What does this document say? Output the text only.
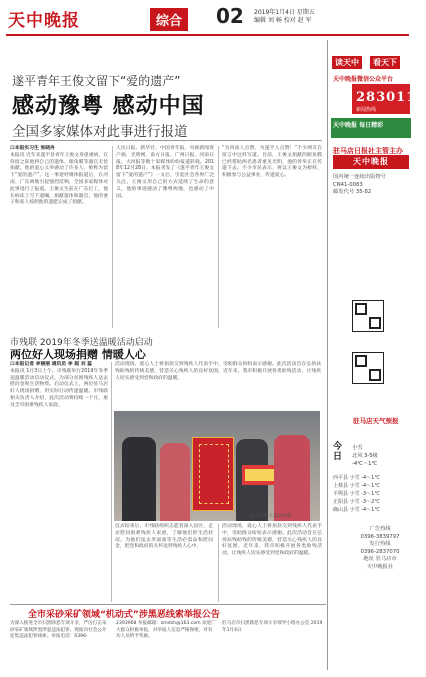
天中晚报	综合	02 2019年1月4日 星期五
编辑 刘 畅 校对 赵 军
遂平青年王俊文留下“爱的遗产”
感动豫粤 感动中国
全国多家媒体对此事进行报道
口本报实习生 张晓冉
本报讯 近年来遂平县青年王俊文身患重病，在弥留之际他将自己的遗体、眼角膜等器官无偿捐献。他的爱心义举感动了许多人，被称为留下“爱的遗产”。这一事迹经媒体报道后，在河南、广东两地引起强烈反响，全国多家媒体对此事进行了报道。王俊文生前在广东打工，他在病床上写下遗嘱，捐献遗体和器官，他的妻子和家人按照他的遗愿完成了捐献。
人民日报、新华社、中国青年报、央视新闻客户端、光明网、南方日报、广州日报、河南日报、大河报等数十家媒体纷纷报道转载。2018年12月28日，本报刊发了《遂平青年王俊文留下“爱的遗产”》一文后，引起社会各界广泛关注。王俊文用自己的方式延续了生命的意义，他的事迹感动了豫粤两地，也感动了中国。
“为河南人点赞，为遂平人点赞！”不少网友在留言中这样写道。目前，王俊文捐献的眼角膜已经帮助两名患者重见光明，他的善举正在传递下去。不少市民表示，将以王俊文为榜样，积极参与公益事业，传递爱心。
市残联 2019年冬季送温暖活动启动
两位好人现场捐赠 情暖人心
口本报记者 李丽丽 通讯员 李 超 刘 蕊
本报讯 1月3日上午，市残联举行2019年冬季送温暖活动启动仪式，为部分贫困残疾人送去慰问金和生活物资。启动仪式上，两位驻马店好人现场捐赠，用实际行动传递温暖。市残联相关负责人介绍，此次活动将持续一个月，惠及全市困难残疾人家庭。
活动现场，爱心人士将捐款交到残疾人代表手中，受助群众纷纷表示感谢。此次活动旨在弘扬扶残助残的传统美德，营造关心残疾人的良好氛围。近年来，我市积极开展各类助残活动，让残疾人切实感受到党和政府的温暖。
驻马店好人现场捐赠
仪式结束后，市残联组织志愿者深入县区，走访慰问困难残疾人家庭，了解他们的生活状况，为他们送去米面油等生活必需品和慰问金，把党和政府的关怀送到残疾人心中。
活动现场，爱心人士将捐款交到残疾人代表手中，受助群众纷纷表示感谢。此次活动旨在弘扬扶残助残的传统美德，营造关心残疾人的良好氛围。近年来，我市积极开展各类助残活动，让残疾人切实感受到党和政府的温暖。
读天中	看天下
天中晚报微信公众平台
2830110
新闻热线
天中晚报 每日精彩
驻马店日报社主管主办
天中晚报
国内统一连续出版物号
CN41-0083
邮发代号 35-82
驻马店天气预报
今
日
小雪
北风 3-5级
-4℃～1℃
西平县 小雪 -4～1℃
上蔡县 小雪 -4～1℃
平舆县 小雪 -3～1℃
正阳县 小雪 -3～2℃
确山县 小雪 -4～1℃
广告热线
0396-3839797
发行热线
0396-2837070
地址 驻马店市
天中晚报社
全市采砂采矿领域“机动式”涉黑恶线索举报公告
为深入推进全市扫黑除恶专项斗争，严厉打击采砂采矿领域涉黑涉恶违法犯罪，现面向社会公开征集违法犯罪线索。举报电话：0396-
2393968 举报邮箱：zmdsh@163.com 欢迎广大群众积极举报，对举报人信息严格保密，对有功人员给予奖励。
驻马店市扫黑除恶专项斗争领导小组办公室 2019年1月4日
